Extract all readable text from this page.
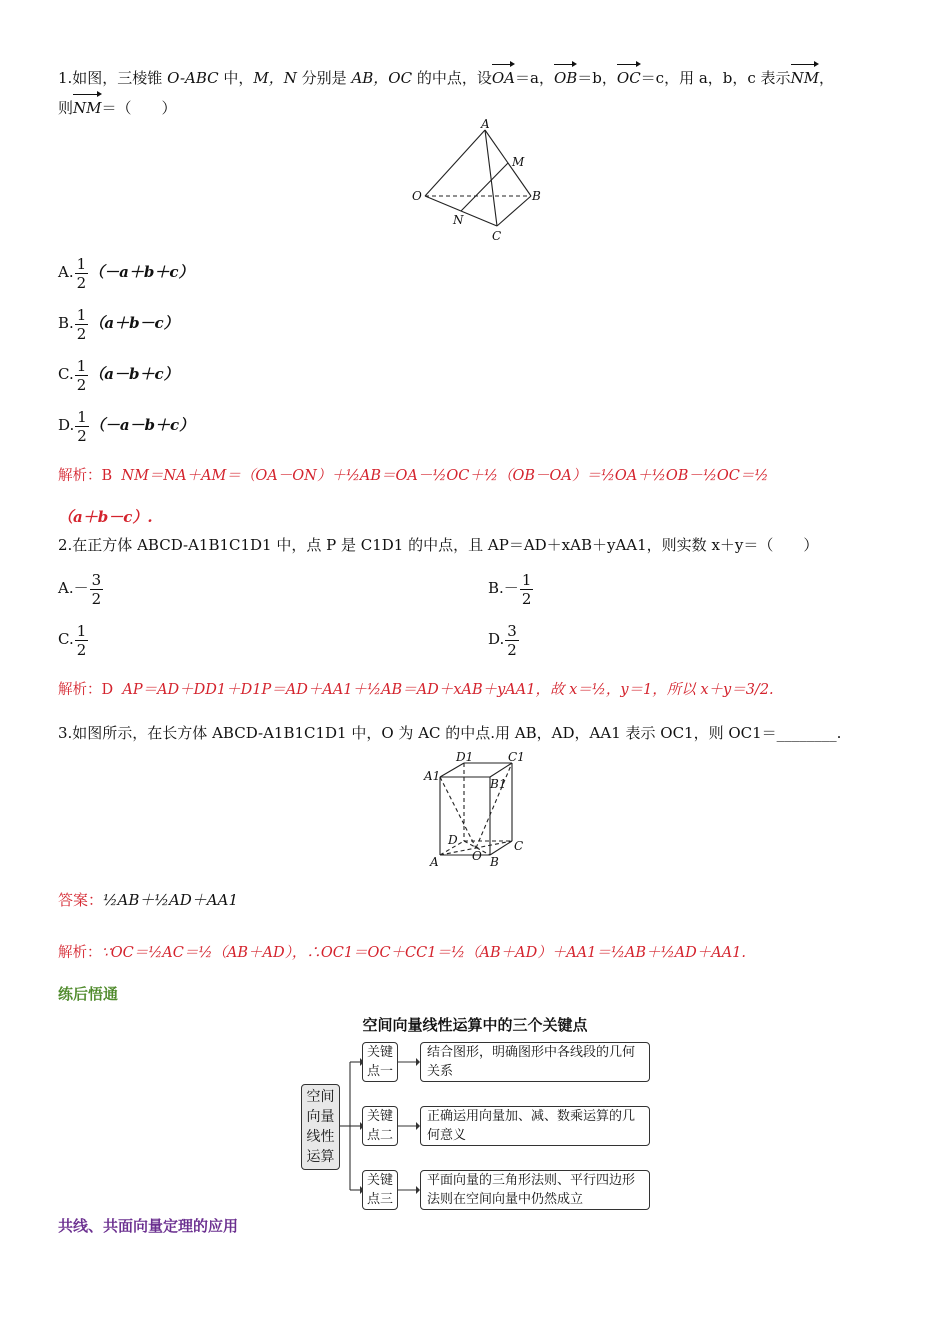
1.如图，三棱锥 O-ABC 中，M，N 分别是 AB，OC 的中点，设OA＝a，OB＝b，OC＝c，用 a，b，c 表示NM，
则NM＝（　　）
A
M
O	B
N
C
A. $\frac{1}{2} (-a+b+c)$
B. $\frac{1}{2} (a+b-c)$
C. $\frac{1}{2} (a-b+c)$
D. $\frac{1}{2} (-a-b+c)$
解析：B NM＝NA＋AM＝（OA－ON）＋½AB＝OA－½OC＋½（OB－OA）＝½OA＋½OB－½OC＝½
（a＋b－c）.
2.在正方体 ABCD-A1B1C1D1 中，点 P 是 C1D1 的中点，且 AP＝AD＋xAB＋yAA1，则实数 x＋y＝（　　）
$A.- \frac{3}{2}$	$B.- \frac{1}{2}$
C. $\frac{1}{2}$	D. $\frac{3}{2}$
解析：D AP＝AD＋DD1＋D1P＝AD＋AA1＋½AB＝AD＋xAB＋yAA1，故 x＝½，y＝1，所以 x＋y＝3/2.
3.如图所示，在长方体 ABCD-A1B1C1D1 中，O 为 AC 的中点.用 AB，AD，AA1 表示 OC1，则 OC1＝________.
D1	C1
A1
B1
D	C
A	O B
答案：½AB＋½AD＋AA1
解析：∵OC＝½AC＝½（AB＋AD），∴OC1＝OC＋CC1＝½（AB＋AD）＋AA1＝½AB＋½AD＋AA1.
练后悟通
空间向量线性运算中的三个关键点
空间向量线性运算
关键点一
结合图形，明确图形中各线段的几何关系
关键点二
正确运用向量加、减、数乘运算的几何意义
关键点三
平面向量的三角形法则、平行四边形法则在空间向量中仍然成立
共线、共面向量定理的应用
